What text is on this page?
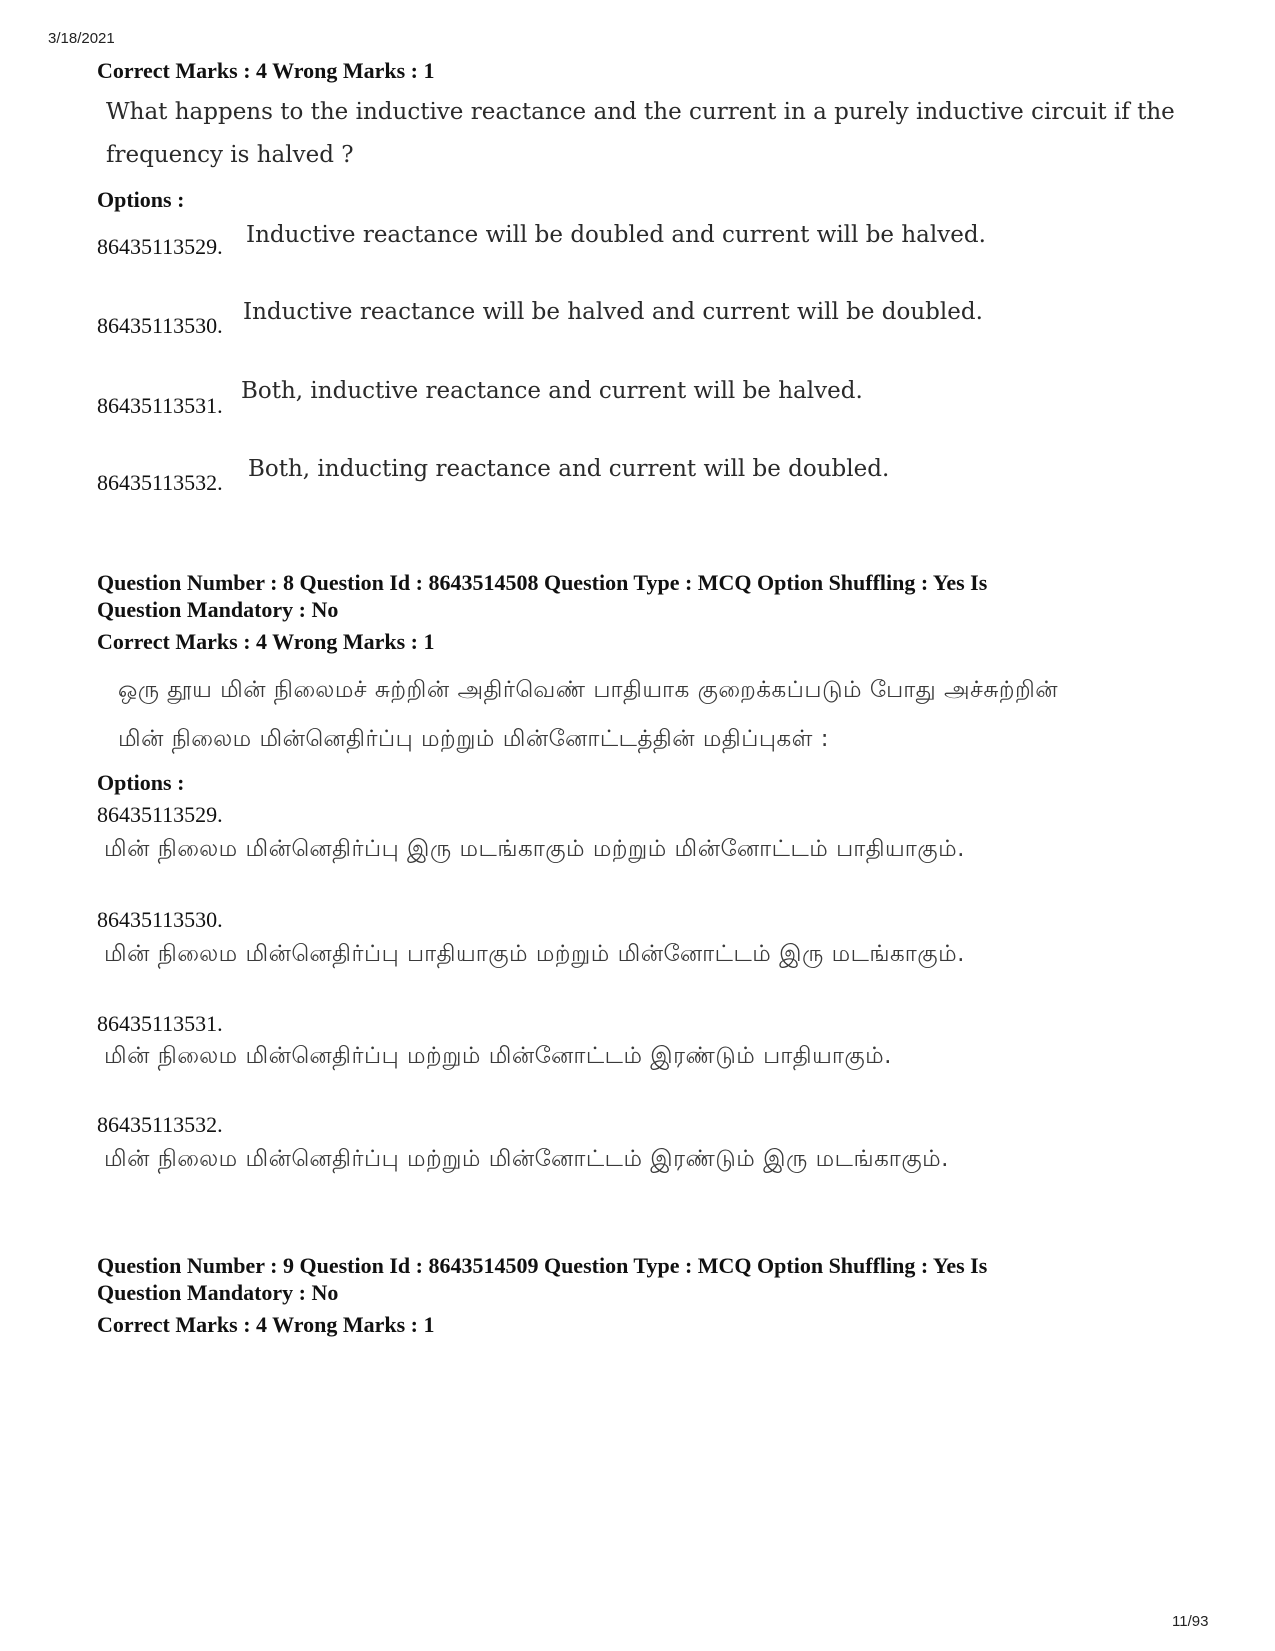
3/18/2021
11/93
Correct Marks : 4 Wrong Marks : 1
What happens to the inductive reactance and the current in a purely inductive circuit if the
frequency is halved ?
Options :
86435113529. Inductive reactance will be doubled and current will be halved.
86435113530.
Inductive reactance will be halved and current will be doubled.
86435113531.
Both, inductive reactance and current will be halved.
86435113532.
Both, inducting reactance and current will be doubled.
Question Number : 8 Question Id : 8643514508 Question Type : MCQ Option Shuffling : Yes Is
Question Mandatory : No
Correct Marks : 4 Wrong Marks : 1
ஒரு தூய மின் நிலைமச் சுற்றின் அதிர்வெண் பாதியாக குறைக்கப்படும் போது அச்சுற்றின்
மின் நிலைம மின்னெதிர்ப்பு மற்றும் மின்னோட்டத்தின் மதிப்புகள் :
Options :
86435113529.
மின் நிலைம மின்னெதிர்ப்பு இரு மடங்காகும் மற்றும் மின்னோட்டம் பாதியாகும்.
86435113530.
மின் நிலைம மின்னெதிர்ப்பு பாதியாகும் மற்றும் மின்னோட்டம் இரு மடங்காகும்.
86435113531.
மின் நிலைம மின்னெதிர்ப்பு மற்றும் மின்னோட்டம் இரண்டும் பாதியாகும்.
86435113532.
மின் நிலைம மின்னெதிர்ப்பு மற்றும் மின்னோட்டம் இரண்டும் இரு மடங்காகும்.
Question Number : 9 Question Id : 8643514509 Question Type : MCQ Option Shuffling : Yes Is
Question Mandatory : No
Correct Marks : 4 Wrong Marks : 1
